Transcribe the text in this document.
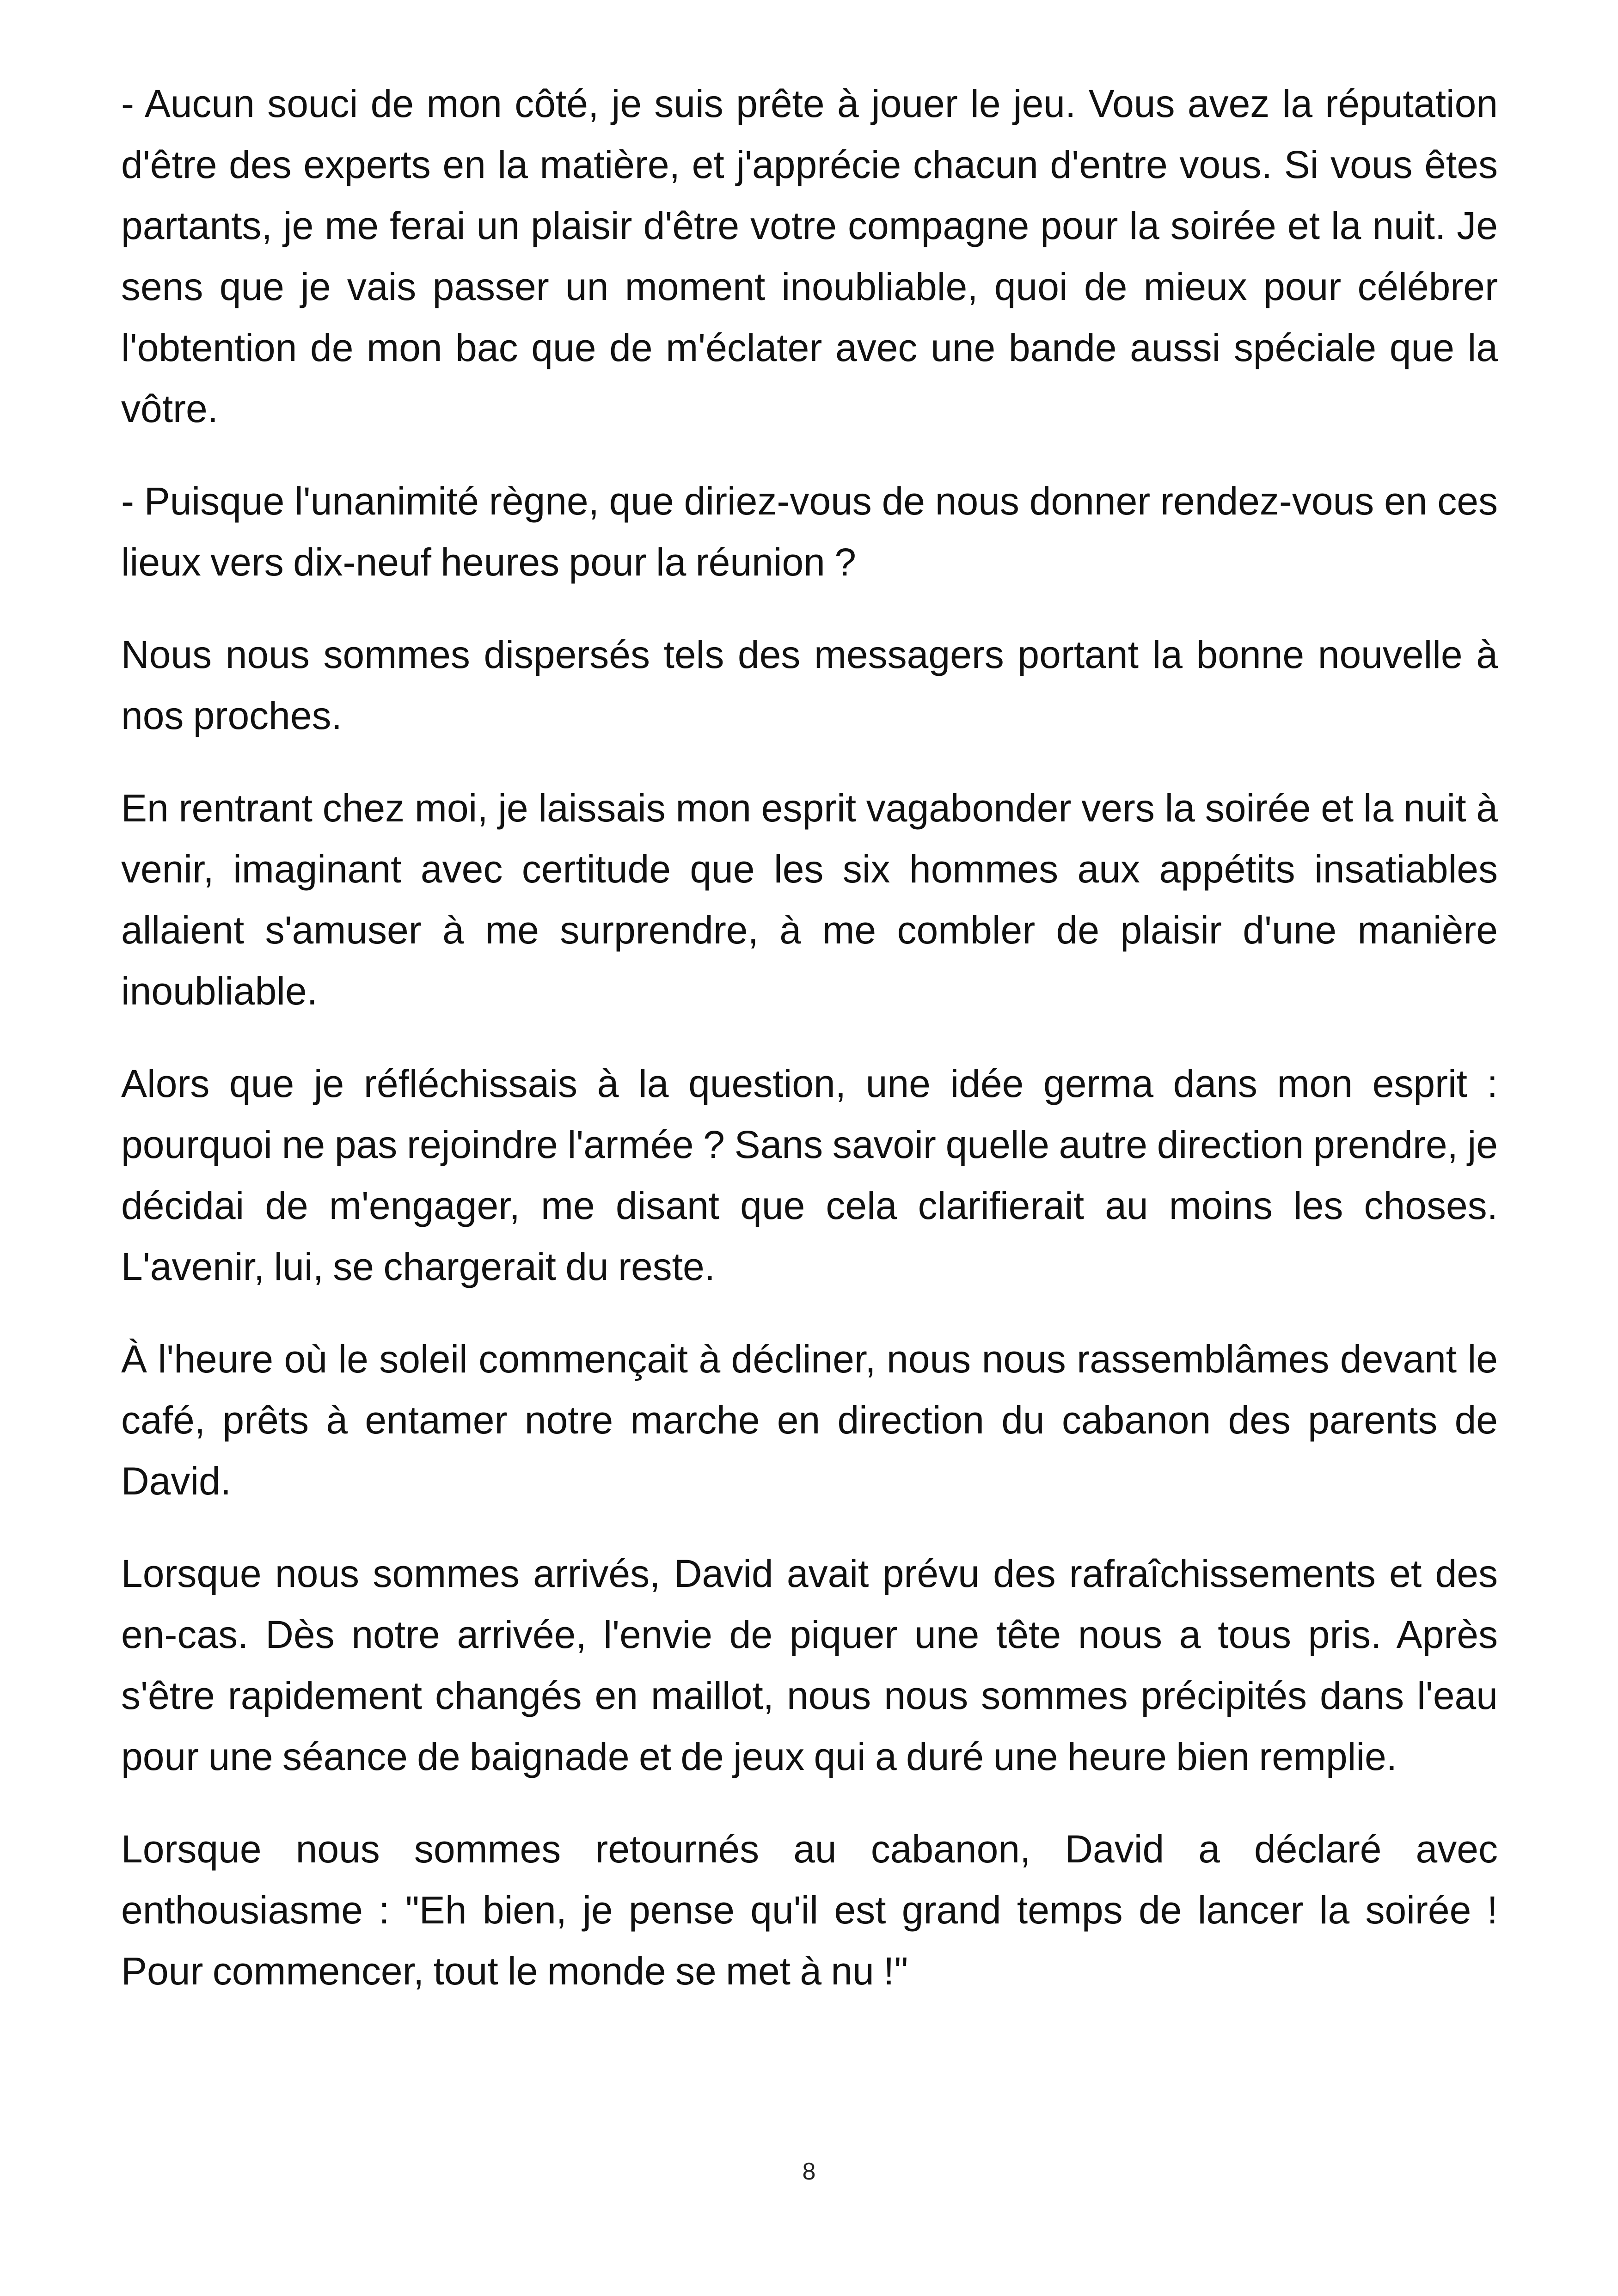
- Aucun souci de mon côté, je suis prête à jouer le jeu. Vous avez la réputation d'être des experts en la matière, et j'apprécie chacun d'entre vous. Si vous êtes partants, je me ferai un plaisir d'être votre compagne pour la soirée et la nuit. Je sens que je vais passer un moment inoubliable, quoi de mieux pour célébrer l'obtention de mon bac que de m'éclater avec une bande aussi spéciale que la vôtre.

- Puisque l'unanimité règne, que diriez-vous de nous donner rendez-vous en ces lieux vers dix-neuf heures pour la réunion ?

Nous nous sommes dispersés tels des messagers portant la bonne nouvelle à nos proches.

En rentrant chez moi, je laissais mon esprit vagabonder vers la soirée et la nuit à venir, imaginant avec certitude que les six hommes aux appétits insatiables allaient s'amuser à me surprendre, à me combler de plaisir d'une manière inoubliable.

Alors que je réfléchissais à la question, une idée germa dans mon esprit : pourquoi ne pas rejoindre l'armée ? Sans savoir quelle autre direction prendre, je décidai de m'engager, me disant que cela clarifierait au moins les choses. L'avenir, lui, se chargerait du reste.

À l'heure où le soleil commençait à décliner, nous nous rassemblâmes devant le café, prêts à entamer notre marche en direction du cabanon des parents de David.

Lorsque nous sommes arrivés, David avait prévu des rafraîchissements et des en-cas. Dès notre arrivée, l'envie de piquer une tête nous a tous pris. Après s'être rapidement changés en maillot, nous nous sommes précipités dans l'eau pour une séance de baignade et de jeux qui a duré une heure bien remplie.

Lorsque nous sommes retournés au cabanon, David a déclaré avec enthousiasme : "Eh bien, je pense qu'il est grand temps de lancer la soirée ! Pour commencer, tout le monde se met à nu !"

8
